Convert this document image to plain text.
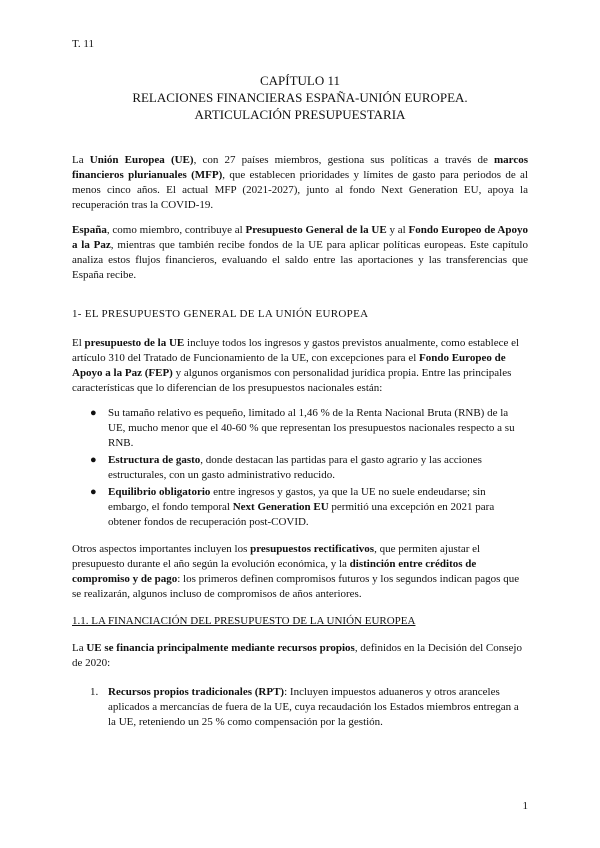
T. 11
CAPÍTULO 11
RELACIONES FINANCIERAS ESPAÑA-UNIÓN EUROPEA.
ARTICULACIÓN PRESUPUESTARIA

La Unión Europea (UE), con 27 países miembros, gestiona sus políticas a través de marcos financieros plurianuales (MFP), que establecen prioridades y límites de gasto para periodos de al menos cinco años. El actual MFP (2021-2027), junto al fondo Next Generation EU, apoya la recuperación tras la COVID-19.

España, como miembro, contribuye al Presupuesto General de la UE y al Fondo Europeo de Apoyo a la Paz, mientras que también recibe fondos de la UE para aplicar políticas europeas. Este capítulo analiza estos flujos financieros, evaluando el saldo entre las aportaciones y las transferencias que España recibe.

1- EL PRESUPUESTO GENERAL DE LA UNIÓN EUROPEA

El presupuesto de la UE incluye todos los ingresos y gastos previstos anualmente, como establece el artículo 310 del Tratado de Funcionamiento de la UE, con excepciones para el Fondo Europeo de Apoyo a la Paz (FEP) y algunos organismos con personalidad jurídica propia. Entre las principales características que lo diferencian de los presupuestos nacionales están:

● Su tamaño relativo es pequeño, limitado al 1,46 % de la Renta Nacional Bruta (RNB) de la UE, mucho menor que el 40-60 % que representan los presupuestos nacionales respecto a su RNB.
● Estructura de gasto, donde destacan las partidas para el gasto agrario y las acciones estructurales, con un gasto administrativo reducido.
● Equilibrio obligatorio entre ingresos y gastos, ya que la UE no suele endeudarse; sin embargo, el fondo temporal Next Generation EU permitió una excepción en 2021 para obtener fondos de recuperación post-COVID.

Otros aspectos importantes incluyen los presupuestos rectificativos, que permiten ajustar el presupuesto durante el año según la evolución económica, y la distinción entre créditos de compromiso y de pago: los primeros definen compromisos futuros y los segundos indican pagos que se realizarán, algunos incluso de compromisos de años anteriores.

1.1. LA FINANCIACIÓN DEL PRESUPUESTO DE LA UNIÓN EUROPEA

La UE se financia principalmente mediante recursos propios, definidos en la Decisión del Consejo de 2020:

1. Recursos propios tradicionales (RPT): Incluyen impuestos aduaneros y otros aranceles aplicados a mercancías de fuera de la UE, cuya recaudación los Estados miembros entregan a la UE, reteniendo un 25 % como compensación por la gestión.
1
